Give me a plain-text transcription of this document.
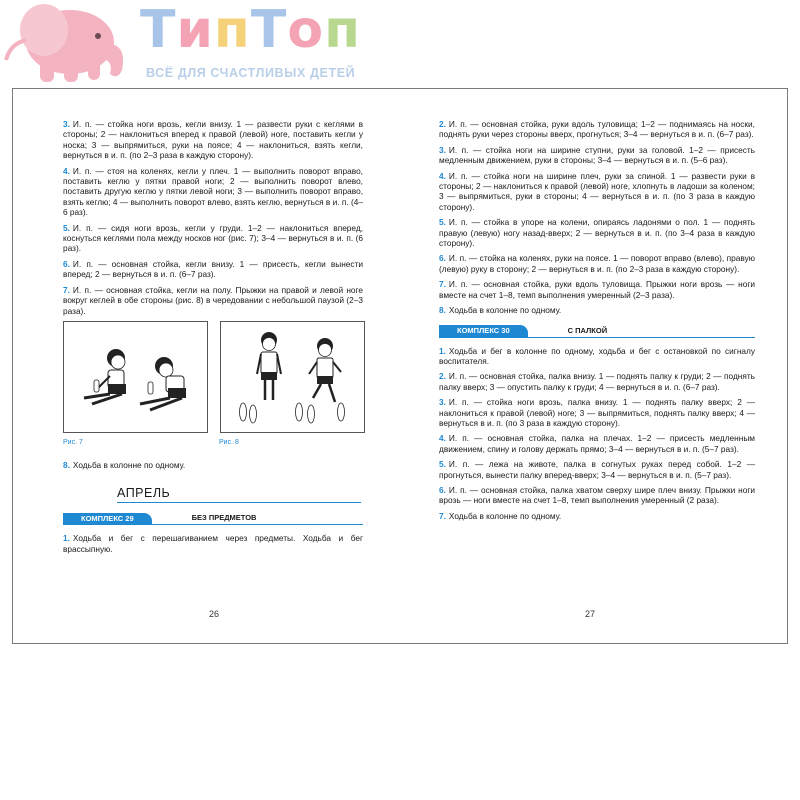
ТипТоп
ВСЁ ДЛЯ СЧАСТЛИВЫХ ДЕТЕЙ
3. И. п. — стойка ноги врозь, кегли внизу. 1 — развести руки с кеглями в стороны; 2 — наклониться вперед к правой (левой) ноге, поставить кегли у носка; 3 — выпрямиться, руки на поясе; 4 — наклониться, взять кегли, вернуться в и. п. (по 2–3 раза в каждую сторону).
4. И. п. — стоя на коленях, кегли у плеч. 1 — выполнить поворот вправо, поставить кеглю у пятки правой ноги; 2 — выполнить поворот влево, поставить другую кеглю у пятки левой ноги; 3 — выполнить поворот вправо, взять кеглю; 4 — выполнить поворот влево, взять кеглю, вернуться в и. п. (4–6 раз).
5. И. п. — сидя ноги врозь, кегли у груди. 1–2 — наклониться вперед, коснуться кеглями пола между носков ног (рис. 7); 3–4 — вернуться в и. п. (6 раз).
6. И. п. — основная стойка, кегли внизу. 1 — присесть, кегли вынести вперед; 2 — вернуться в и. п. (6–7 раз).
7. И. п. — основная стойка, кегли на полу. Прыжки на правой и левой ноге вокруг кеглей в обе стороны (рис. 8) в чередовании с небольшой паузой (2–3 раза).
Рис. 7	Рис. 8
8. Ходьба в колонне по одному.
АПРЕЛЬ
КОМПЛЕКС 29	БЕЗ ПРЕДМЕТОВ
1. Ходьба и бег с перешагиванием через предметы. Ходьба и бег врассыпную.
26
2. И. п. — основная стойка, руки вдоль туловища; 1–2 — поднимаясь на носки, поднять руки через стороны вверх, прогнуться; 3–4 — вернуться в и. п. (6–7 раз).
3. И. п. — стойка ноги на ширине ступни, руки за головой. 1–2 — присесть медленным движением, руки в стороны; 3–4 — вернуться в и. п. (5–6 раз).
4. И. п. — стойка ноги на ширине плеч, руки за спиной. 1 — развести руки в стороны; 2 — наклониться к правой (левой) ноге, хлопнуть в ладоши за коленом; 3 — выпрямиться, руки в стороны; 4 — вернуться в и. п. (по 3 раза в каждую сторону).
5. И. п. — стойка в упоре на колени, опираясь ладонями о пол. 1 — поднять правую (левую) ногу назад-вверх; 2 — вернуться в и. п. (по 3–4 раза в каждую сторону).
6. И. п. — стойка на коленях, руки на поясе. 1 — поворот вправо (влево), правую (левую) руку в сторону; 2 — вернуться в и. п. (по 2–3 раза в каждую сторону).
7. И. п. — основная стойка, руки вдоль туловища. Прыжки ноги врозь — ноги вместе на счет 1–8, темп выполнения умеренный (2–3 раза).
8. Ходьба в колонне по одному.
КОМПЛЕКС 30	С ПАЛКОЙ
1. Ходьба и бег в колонне по одному, ходьба и бег с остановкой по сигналу воспитателя.
2. И. п. — основная стойка, палка внизу. 1 — поднять палку к груди; 2 — поднять палку вверх; 3 — опустить палку к груди; 4 — вернуться в и. п. (6–7 раз).
3. И. п. — стойка ноги врозь, палка внизу. 1 — поднять палку вверх; 2 — наклониться к правой (левой) ноге; 3 — выпрямиться, поднять палку вверх; 4 — вернуться в и. п. (по 3 раза в каждую сторону).
4. И. п. — основная стойка, палка на плечах. 1–2 — присесть медленным движением, спину и голову держать прямо; 3–4 — вернуться в и. п. (5–7 раз).
5. И. п. — лежа на животе, палка в согнутых руках перед собой. 1–2 — прогнуться, вынести палку вперед-вверх; 3–4 — вернуться в и. п. (5–7 раз).
6. И. п. — основная стойка, палка хватом сверху шире плеч внизу. Прыжки ноги врозь — ноги вместе на счет 1–8, темп выполнения умеренный (2 раза).
7. Ходьба в колонне по одному.
27
